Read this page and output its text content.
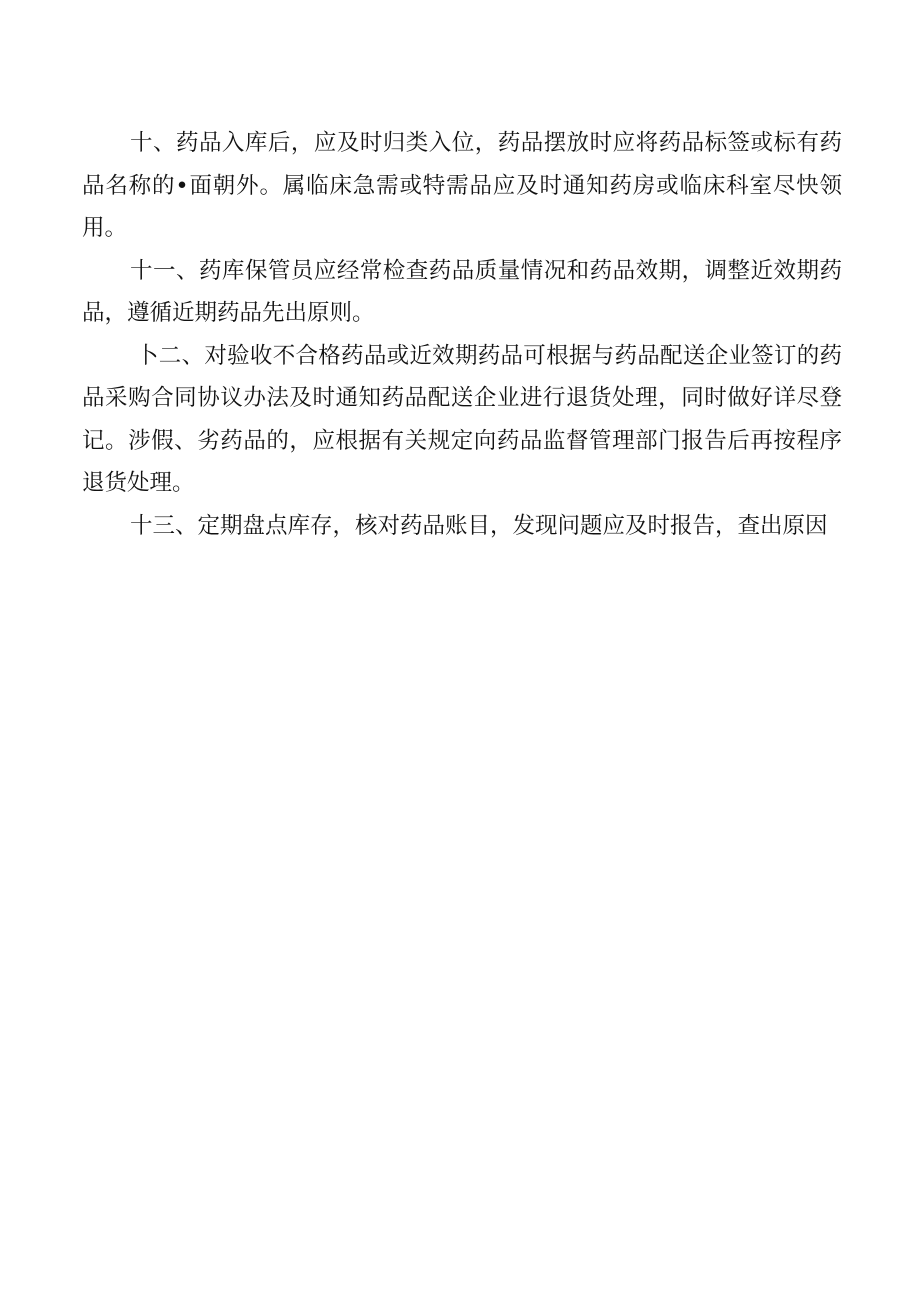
十、药品入库后，应及时归类入位，药品摆放时应将药品标签或标有药品名称的•面朝外。属临床急需或特需品应及时通知药房或临床科室尽快领用。

十一、药库保管员应经常检查药品质量情况和药品效期，调整近效期药品，遵循近期药品先出原则。

卜二、对验收不合格药品或近效期药品可根据与药品配送企业签订的药品采购合同协议办法及时通知药品配送企业进行退货处理，同时做好详尽登记。涉假、劣药品的，应根据有关规定向药品监督管理部门报告后再按程序退货处理。

十三、定期盘点库存，核对药品账目，发现问题应及时报告，查出原因
